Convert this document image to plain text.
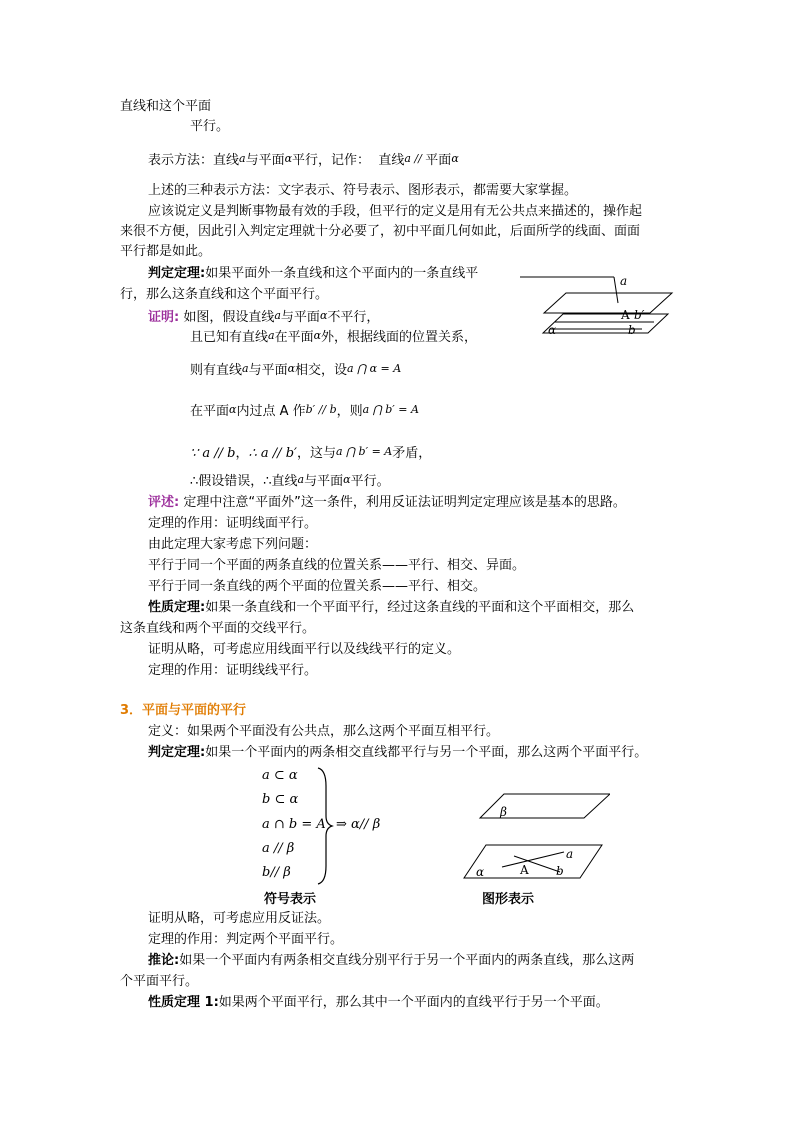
直线和这个平面
平行。
表示方法：直线a与平面α平行，记作： 直线a // 平面α
上述的三种表示方法：文字表示、符号表示、图形表示，都需要大家掌握。
应该说定义是判断事物最有效的手段，但平行的定义是用有无公共点来描述的，操作起
来很不方便，因此引入判定定理就十分必要了，初中平面几何如此，后面所学的线面、面面
平行都是如此。
判定定理:如果平面外一条直线和这个平面内的一条直线平
行，那么这条直线和这个平面平行。
a
A b′
α	b
证明: 如图，假设直线a与平面α不平行，
且已知有直线a在平面α外，根据线面的位置关系，
则有直线a与平面α相交，设a ⋂ α = A
在平面α内过点 A 作b′ // b，则a ⋂ b′ = A
∵ a // b，∴ a // b′，这与a ⋂ b′ = A矛盾，
∴假设错误，∴直线a与平面α平行。
评述: 定理中注意“平面外”这一条件，利用反证法证明判定定理应该是基本的思路。
定理的作用：证明线面平行。
由此定理大家考虑下列问题：
平行于同一个平面的两条直线的位置关系——平行、相交、异面。
平行于同一条直线的两个平面的位置关系——平行、相交。
性质定理:如果一条直线和一个平面平行，经过这条直线的平面和这个平面相交，那么
这条直线和两个平面的交线平行。
证明从略，可考虑应用线面平行以及线线平行的定义。
定理的作用：证明线线平行。
3．平面与平面的平行
定义：如果两个平面没有公共点，那么这两个平面互相平行。
判定定理:如果一个平面内的两条相交直线都平行与另一个平面，那么这两个平面平行。
a ⊂ α
b ⊂ α
a ∩ b = A
a // β
b// β
⇒ α// β
β
a
A
α	b
符号表示	图形表示
证明从略，可考虑应用反证法。
定理的作用：判定两个平面平行。
推论:如果一个平面内有两条相交直线分别平行于另一个平面内的两条直线，那么这两
个平面平行。
性质定理 1:如果两个平面平行，那么其中一个平面内的直线平行于另一个平面。
